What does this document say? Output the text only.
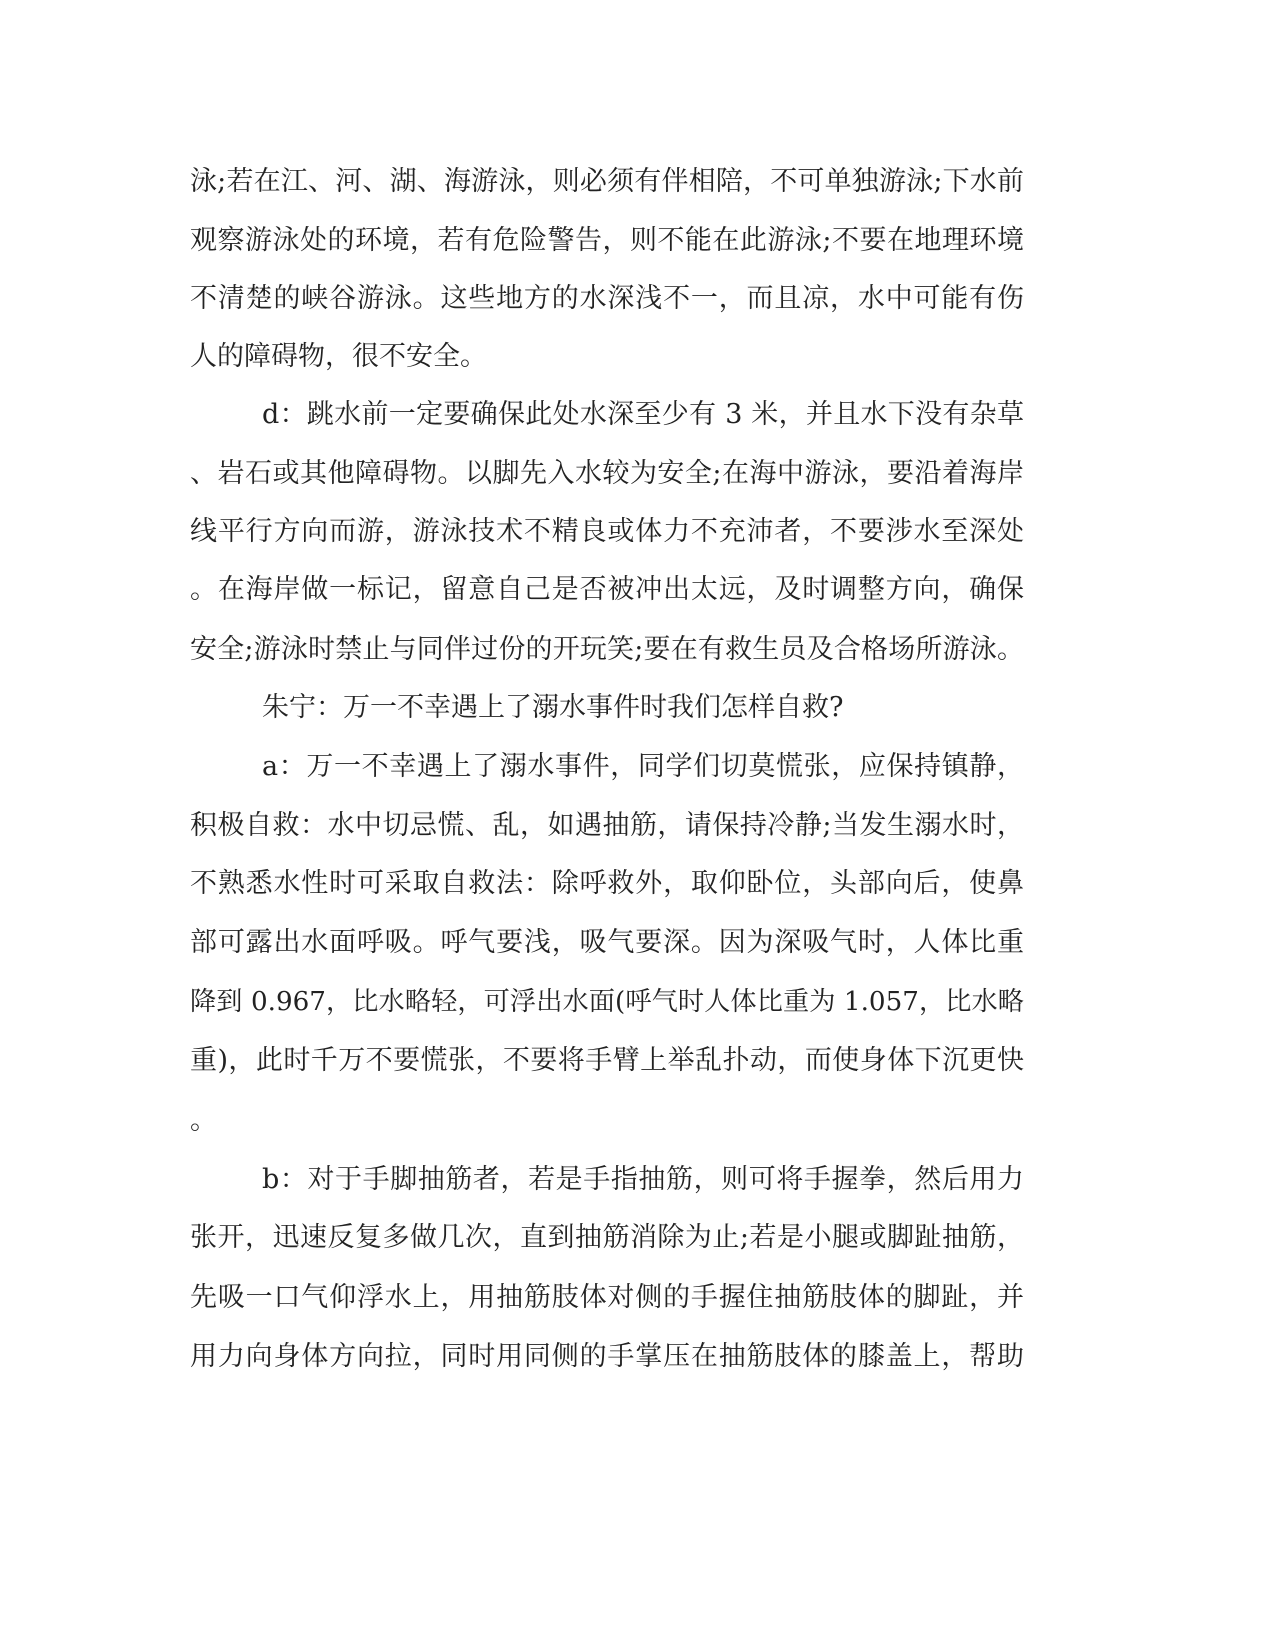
泳;若在江、河、湖、海游泳，则必须有伴相陪，不可单独游泳;下水前
观察游泳处的环境，若有危险警告，则不能在此游泳;不要在地理环境
不清楚的峡谷游泳。这些地方的水深浅不一，而且凉，水中可能有伤
人的障碍物，很不安全。
d：跳水前一定要确保此处水深至少有 3 米，并且水下没有杂草
、岩石或其他障碍物。以脚先入水较为安全;在海中游泳，要沿着海岸
线平行方向而游，游泳技术不精良或体力不充沛者，不要涉水至深处
。在海岸做一标记，留意自己是否被冲出太远，及时调整方向，确保
安全;游泳时禁止与同伴过份的开玩笑;要在有救生员及合格场所游泳。
朱宁：万一不幸遇上了溺水事件时我们怎样自救?
a：万一不幸遇上了溺水事件，同学们切莫慌张，应保持镇静，
积极自救：水中切忌慌、乱，如遇抽筋，请保持冷静;当发生溺水时，
不熟悉水性时可采取自救法：除呼救外，取仰卧位，头部向后，使鼻
部可露出水面呼吸。呼气要浅，吸气要深。因为深吸气时，人体比重
降到 0.967，比水略轻，可浮出水面(呼气时人体比重为 1.057，比水略
重)，此时千万不要慌张，不要将手臂上举乱扑动，而使身体下沉更快
。
b：对于手脚抽筋者，若是手指抽筋，则可将手握拳，然后用力
张开，迅速反复多做几次，直到抽筋消除为止;若是小腿或脚趾抽筋，
先吸一口气仰浮水上，用抽筋肢体对侧的手握住抽筋肢体的脚趾，并
用力向身体方向拉，同时用同侧的手掌压在抽筋肢体的膝盖上，帮助
